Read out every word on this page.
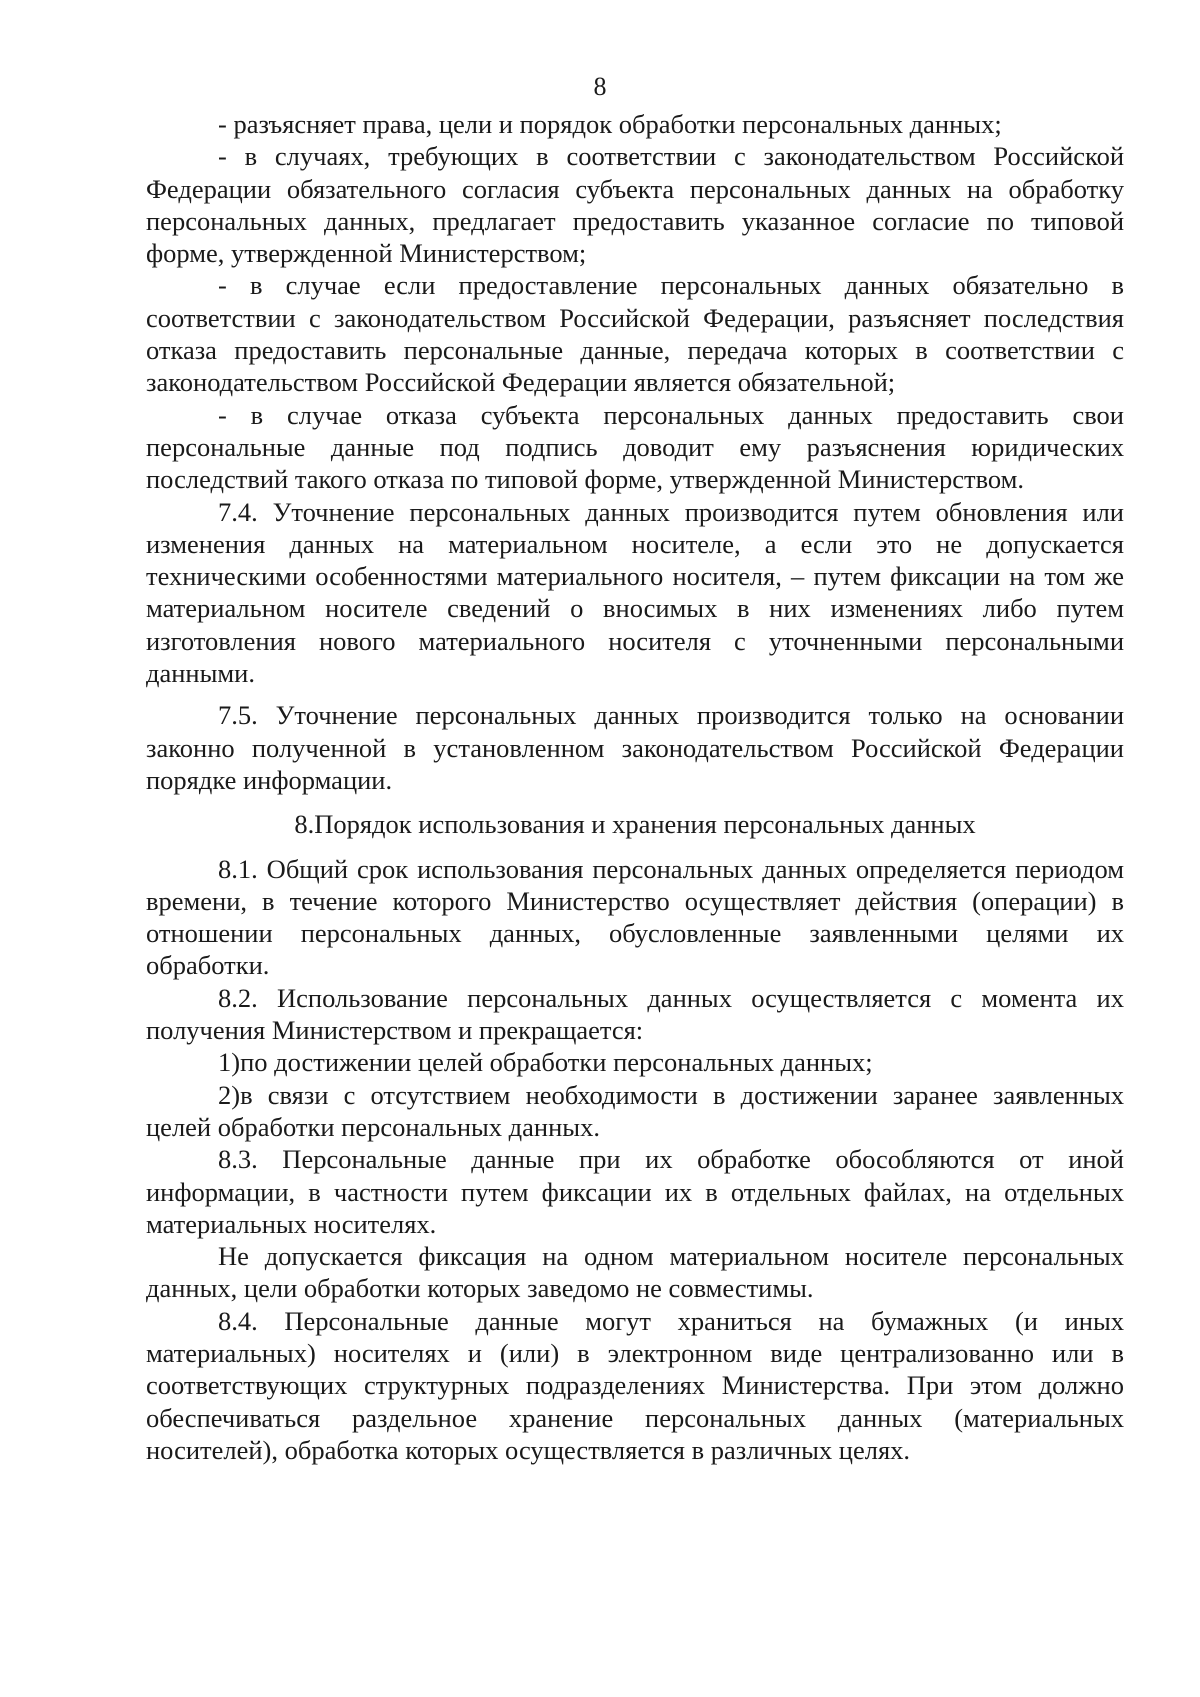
8

- разъясняет права, цели и порядок обработки персональных данных;

- в случаях, требующих в соответствии с законодательством Российской Федерации обязательного согласия субъекта персональных данных на обработку персональных данных, предлагает предоставить указанное согласие по типовой форме, утвержденной Министерством;

- в случае если предоставление персональных данных обязательно в соответствии с законодательством Российской Федерации, разъясняет последствия отказа предоставить персональные данные, передача которых в соответствии с законодательством Российской Федерации является обязательной;

- в случае отказа субъекта персональных данных предоставить свои персональные данные под подпись доводит ему разъяснения юридических последствий такого отказа по типовой форме, утвержденной Министерством.

7.4. Уточнение персональных данных производится путем обновления или изменения данных на материальном носителе, а если это не допускается техническими особенностями материального носителя, – путем фиксации на том же материальном носителе сведений о вносимых в них изменениях либо путем изготовления нового материального носителя с уточненными персональными данными.

7.5. Уточнение персональных данных производится только на основании законно полученной в установленном законодательством Российской Федерации порядке информации.

8.Порядок использования и хранения персональных данных

8.1. Общий срок использования персональных данных определяется периодом времени, в течение которого Министерство осуществляет действия (операции) в отношении персональных данных, обусловленные заявленными целями их обработки.

8.2. Использование персональных данных осуществляется с момента их получения Министерством и прекращается:

1)по достижении целей обработки персональных данных;

2)в связи с отсутствием необходимости в достижении заранее заявленных целей обработки персональных данных.

8.3. Персональные данные при их обработке обособляются от иной информации, в частности путем фиксации их в отдельных файлах, на отдельных материальных носителях.

Не допускается фиксация на одном материальном носителе персональных данных, цели обработки которых заведомо не совместимы.

8.4. Персональные данные могут храниться на бумажных (и иных материальных) носителях и (или) в электронном виде централизованно или в соответствующих структурных подразделениях Министерства. При этом должно обеспечиваться раздельное хранение персональных данных (материальных носителей), обработка которых осуществляется в различных целях.
